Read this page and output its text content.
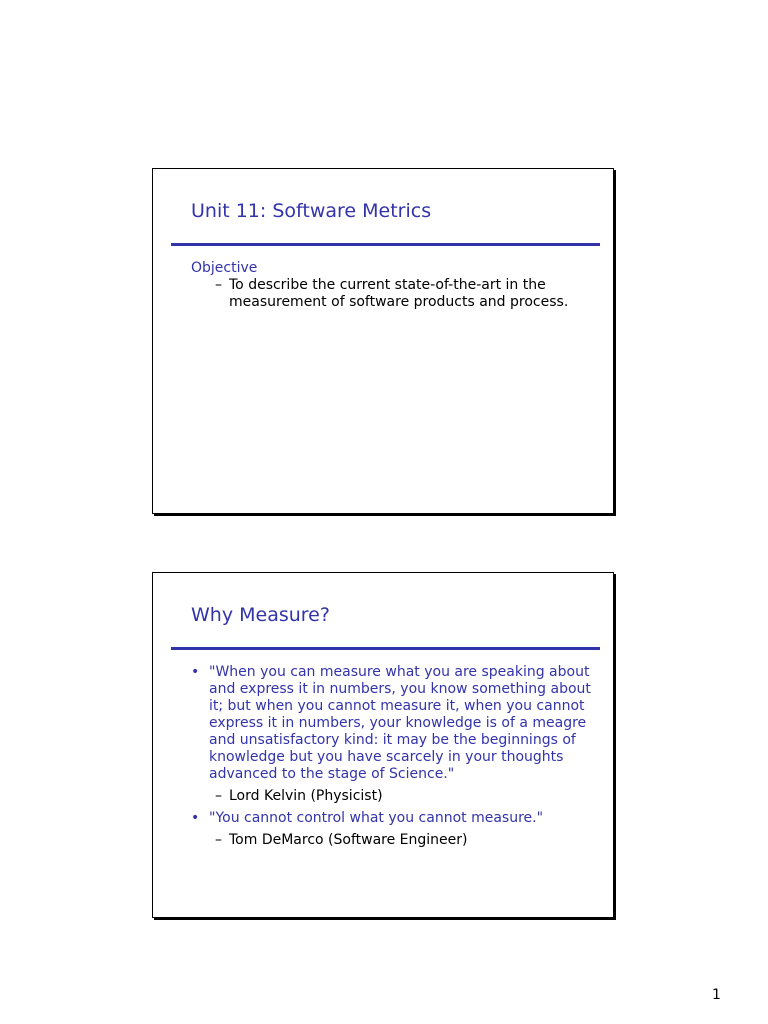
Unit 11: Software Metrics
Objective
– To describe the current state-of-the-art in the
measurement of software products and process.
Why Measure?
• "When you can measure what you are speaking about
and express it in numbers, you know something about
it; but when you cannot measure it, when you cannot
express it in numbers, your knowledge is of a meagre
and unsatisfactory kind: it may be the beginnings of
knowledge but you have scarcely in your thoughts
advanced to the stage of Science."
– Lord Kelvin (Physicist)
• "You cannot control what you cannot measure."
– Tom DeMarco (Software Engineer)
1
